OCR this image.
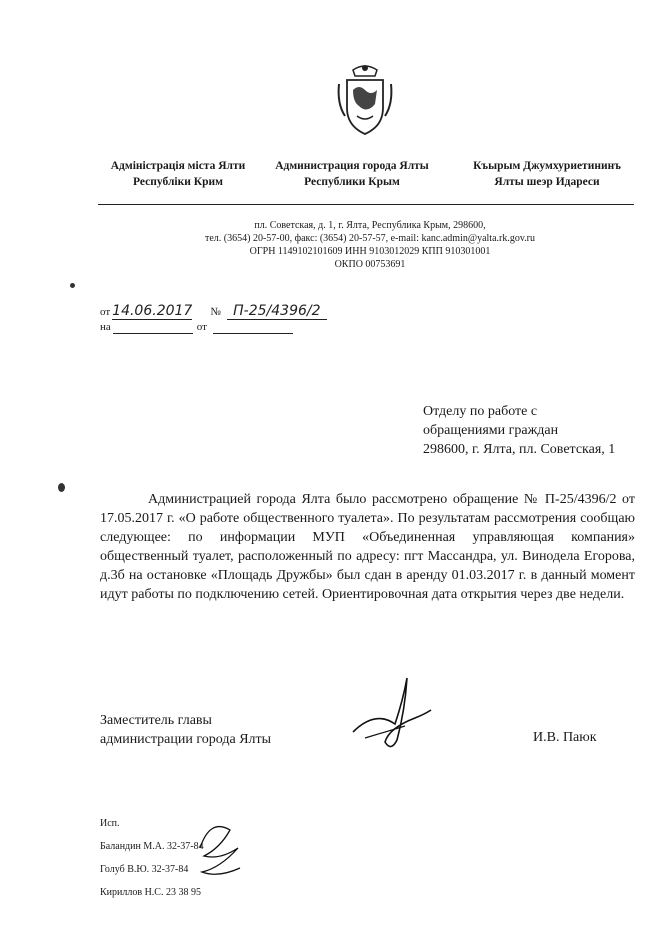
Адміністрація міста Ялти
Республіки Крим
Администрация города Ялты
Республики Крым
Къырым Джумхуриетининъ
Ялты шеэр Идареси
пл. Советская, д. 1, г. Ялта, Республика Крым, 298600,
тел. (3654) 20-57-00, факс: (3654) 20-57-57, e-mail: kanc.admin@yalta.rk.gov.ru
ОГРН 1149102101609 ИНН 9103012029 КПП 910301001
ОКПО 00753691
от 14.06.2017 № П-25/4396/2
на	от
Отделу по работе с
обращениями граждан
298600, г. Ялта, пл. Советская, 1
Администрацией города Ялта было рассмотрено обращение № П-25/4396/2 от 17.05.2017 г. «О работе общественного туалета». По результатам рассмотрения сообщаю следующее: по информации МУП «Объединенная управляющая компания» общественный туалет, расположенный по адресу: пгт Массандра, ул. Винодела Егорова, д.3б на остановке «Площадь Дружбы» был сдан в аренду 01.03.2017 г. в данный момент идут работы по подключению сетей. Ориентировочная дата открытия через две недели.
Заместитель главы
администрации города Ялты	И.В. Паюк
Исп.
Баландин М.А. 32-37-84
Голуб В.Ю. 32-37-84
Кириллов Н.С. 23 38 95
